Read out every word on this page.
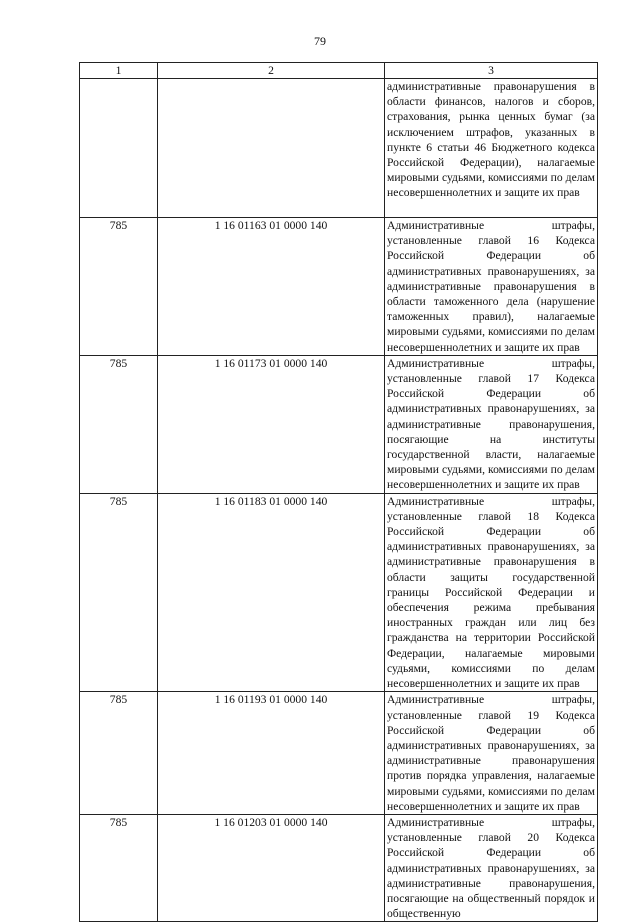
79
1	2	3
		административные правонарушения в области финансов, налогов и сборов, страхования, рынка ценных бумаг (за исключением штрафов, указанных в пункте 6 статьи 46 Бюджетного кодекса Российской Федерации), налагаемые мировыми судьями, комиссиями по делам несовершеннолетних и защите их прав
785	1 16 01163 01 0000 140	Административные штрафы, установленные главой 16 Кодекса Российской Федерации об административных правонарушениях, за административные правонарушения в области таможенного дела (нарушение таможенных правил), налагаемые мировыми судьями, комиссиями по делам несовершеннолетних и защите их прав
785	1 16 01173 01 0000 140	Административные штрафы, установленные главой 17 Кодекса Российской Федерации об административных правонарушениях, за административные правонарушения, посягающие на институты государственной власти, налагаемые мировыми судьями, комиссиями по делам несовершеннолетних и защите их прав
785	1 16 01183 01 0000 140	Административные штрафы, установленные главой 18 Кодекса Российской Федерации об административных правонарушениях, за административные правонарушения в области защиты государственной границы Российской Федерации и обеспечения режима пребывания иностранных граждан или лиц без гражданства на территории Российской Федерации, налагаемые мировыми судьями, комиссиями по делам несовершеннолетних и защите их прав
785	1 16 01193 01 0000 140	Административные штрафы, установленные главой 19 Кодекса Российской Федерации об административных правонарушениях, за административные правонарушения против порядка управления, налагаемые мировыми судьями, комиссиями по делам несовершеннолетних и защите их прав
785	1 16 01203 01 0000 140	Административные штрафы, установленные главой 20 Кодекса Российской Федерации об административных правонарушениях, за административные правонарушения, посягающие на общественный порядок и общественную
